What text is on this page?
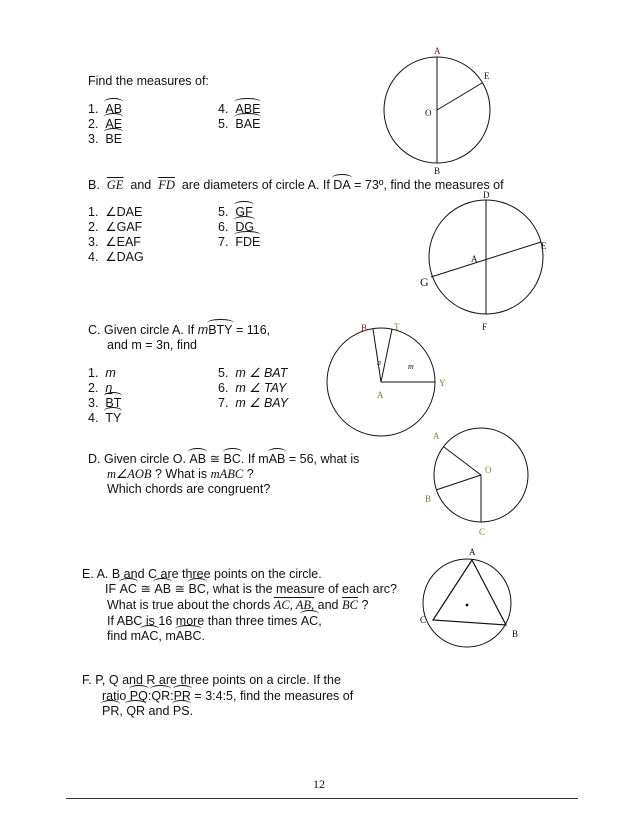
Find the measures of:
1. AB
2. AE
3. BE
4. ABE
5. BAE
A
E
O
B
B. $\overline{GE}$ and $\overline{FD}$ are diameters of circle A. If DA = 73º, find the measures of
1. ∠DAE
2. ∠GAF
3. ∠EAF
4. ∠DAG
5. GF
6. DG
7. FDE
D
E
A
G
F
C. Given circle A. If mBTY = 116,
and m = 3n, find
1. m
2. n
3. BT
4. TY
5. m ∠ BAT
6. m ∠ TAY
7. m ∠ BAY
B	T
n	m
Y
A
D. Given circle O. AB ≅ BC. If mAB = 56, what is
m∠AOB ? What is mABC ?
Which chords are congruent?
A
O
B
C
E. A. B and C are three points on the circle.
IF AC ≅ AB ≅ BC, what is the measure of each arc?
What is true about the chords AC, AB, and $\overline{BC}$ ?
If ABC is 16 more than three times AC,
find mAC, mABC.
A
C
B
F. P, Q and R are three points on a circle. If the
ratio PQ:QR:PR = 3:4:5, find the measures of
PR, QR and PS.
12
